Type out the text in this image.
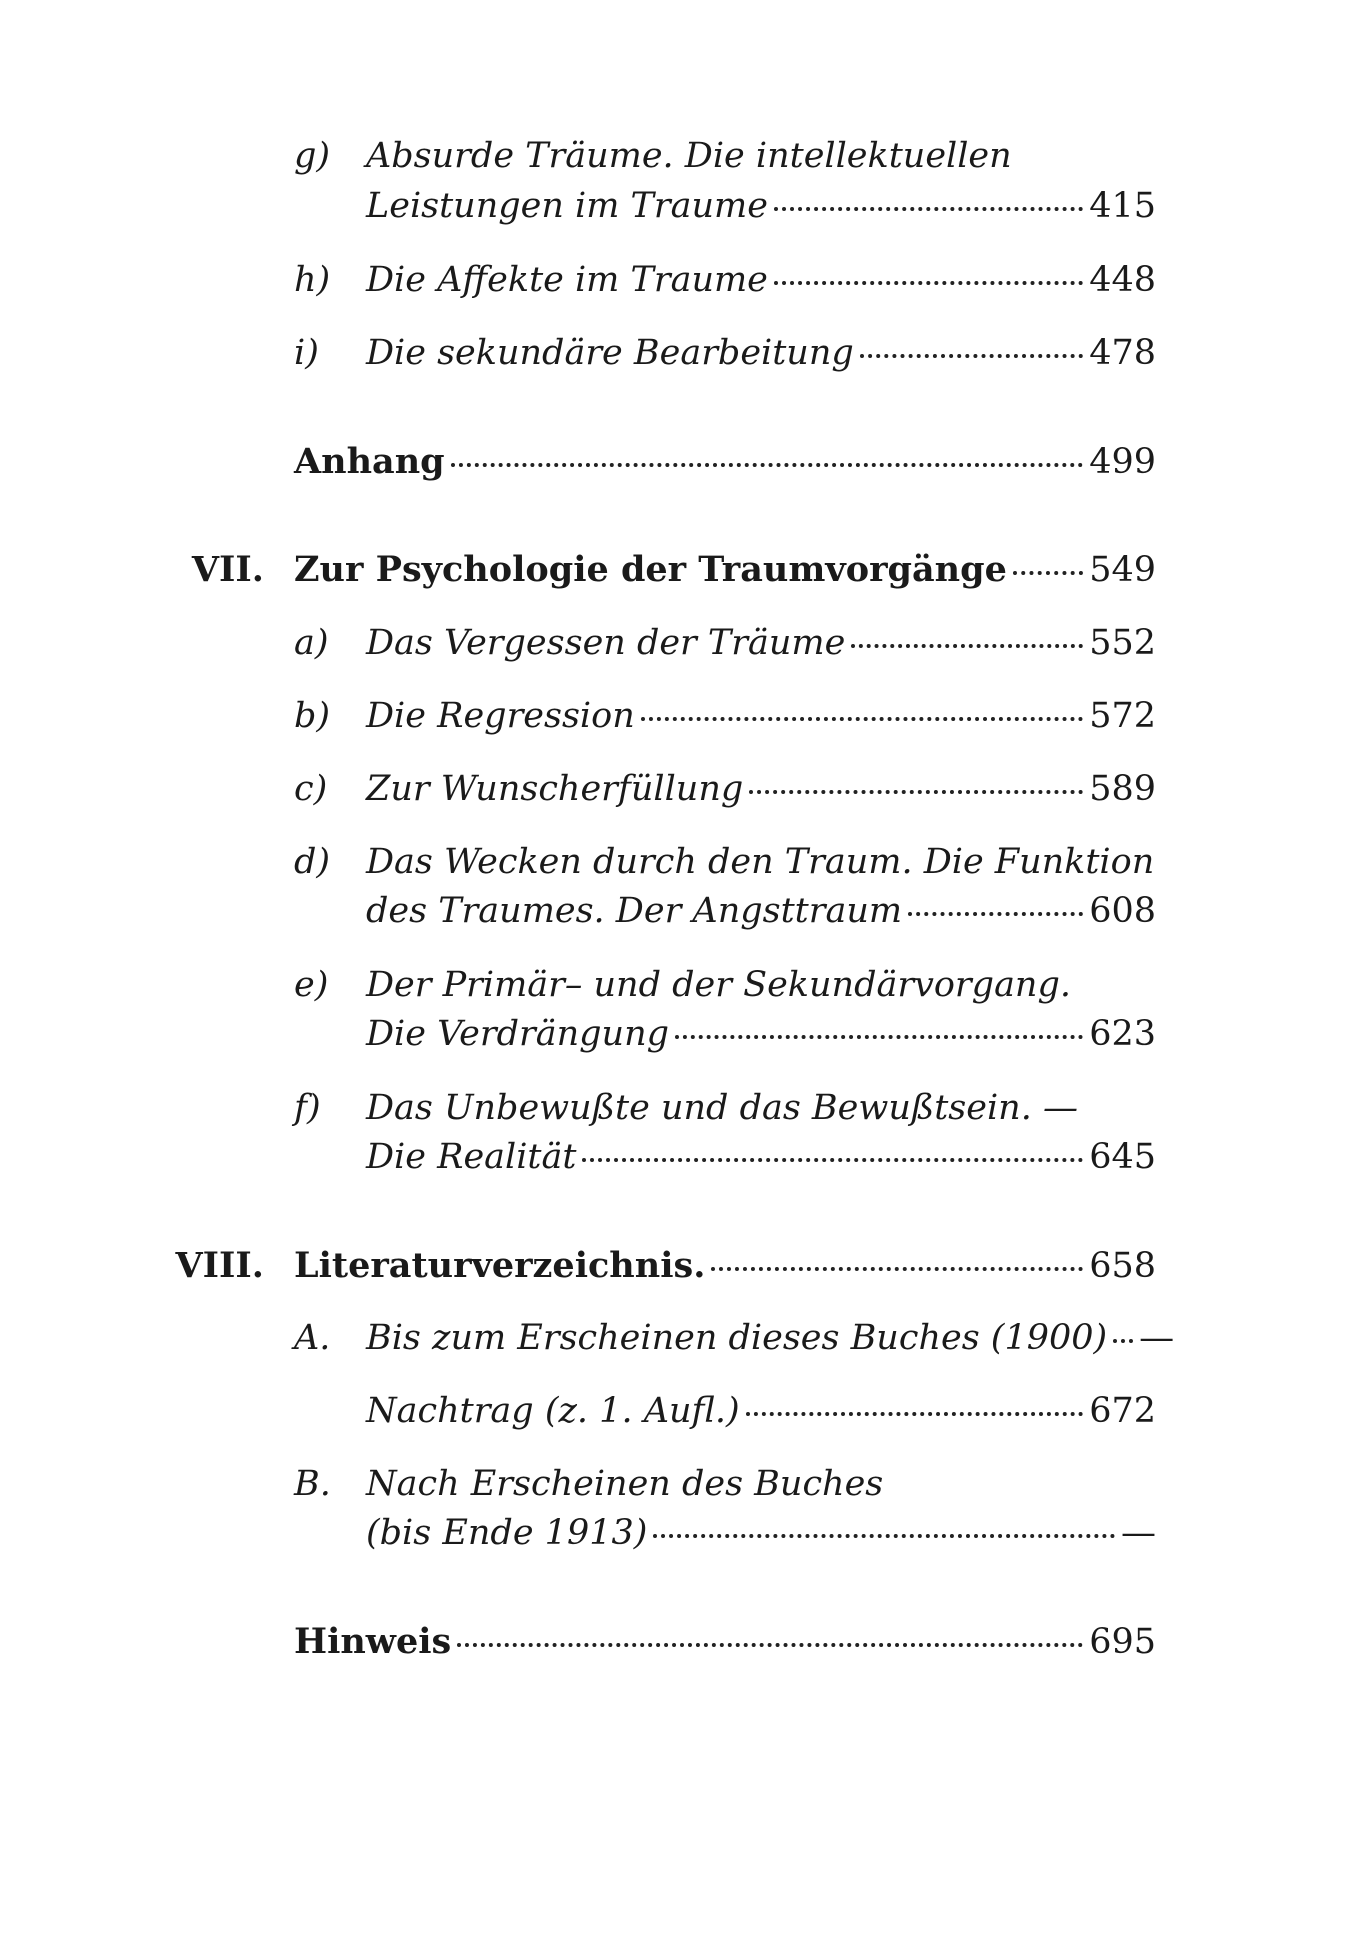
g) Absurde Träume. Die intellektuellen
Leistungen im Traume	415
h) Die Affekte im Traume	448
i) Die sekundäre Bearbeitung	478
Anhang	499
VII. Zur Psychologie der Traumvorgänge 549
a) Das Vergessen der Träume	552
b) Die Regression	572
c) Zur Wunscherfüllung	589
d) Das Wecken durch den Traum. Die Funktion
des Traumes. Der Angsttraum	608
e) Der Primär– und der Sekundärvorgang.
Die Verdrängung	623
f) Das Unbewußte und das Bewußtsein. —
Die Realität	645
VIII. Literaturverzeichnis.	658
A. Bis zum Erscheinen dieses Buches (1900) —
Nachtrag (z. 1. Aufl.)	672
B. Nach Erscheinen des Buches
(bis Ende 1913)	—
Hinweis	695
